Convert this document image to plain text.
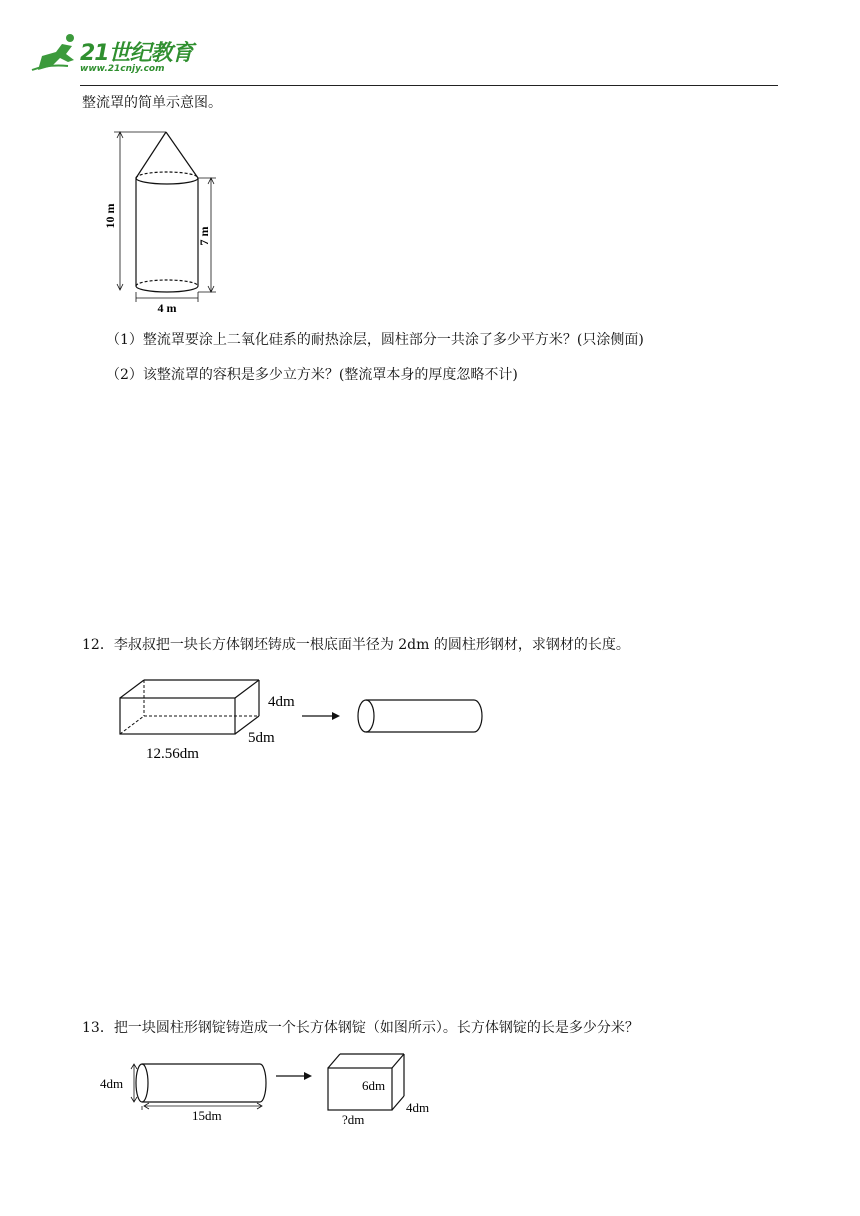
21世纪教育
www.21cnjy.com
整流罩的简单示意图。
10 m
7 m
4 m
（1）整流罩要涂上二氧化硅系的耐热涂层，圆柱部分一共涂了多少平方米？(只涂侧面)
（2）该整流罩的容积是多少立方米？(整流罩本身的厚度忽略不计)
12．李叔叔把一块长方体钢坯铸成一根底面半径为 2dm 的圆柱形钢材，求钢材的长度。
4dm
5dm
12.56dm
13．把一块圆柱形钢锭铸造成一个长方体钢锭（如图所示）。长方体钢锭的长是多少分米？
4dm
15dm
6dm
4dm
?dm
